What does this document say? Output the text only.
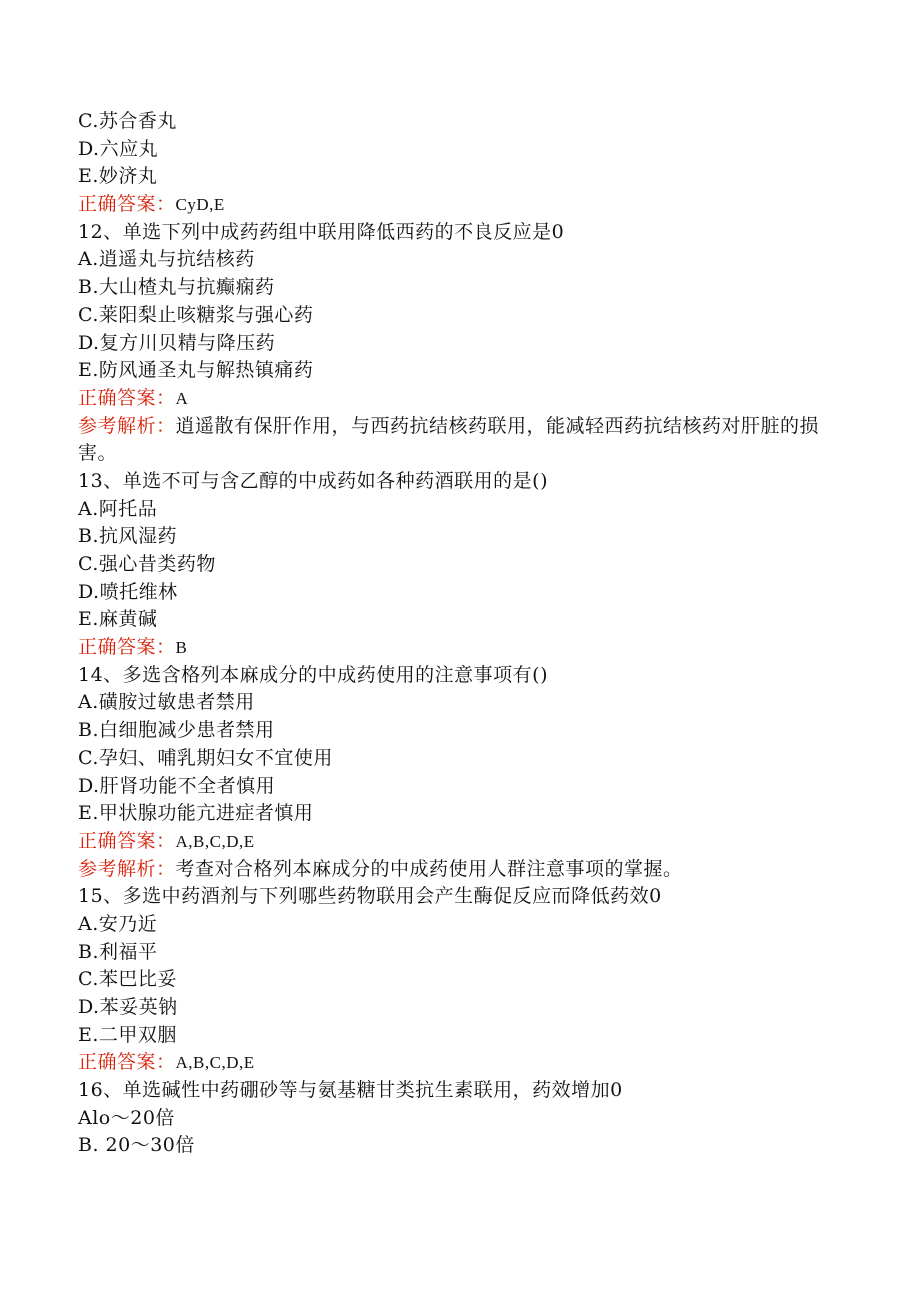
C.苏合香丸
D.六应丸
E.妙济丸
正确答案：CyD,E
12、单选下列中成药药组中联用降低西药的不良反应是0
A.逍遥丸与抗结核药
B.大山楂丸与抗癫痫药
C.莱阳梨止咳糖浆与强心药
D.复方川贝精与降压药
E.防风通圣丸与解热镇痛药
正确答案：A
参考解析：逍遥散有保肝作用，与西药抗结核药联用，能减轻西药抗结核药对肝脏的损害。
13、单选不可与含乙醇的中成药如各种药酒联用的是()
A.阿托品
B.抗风湿药
C.强心昔类药物
D.喷托维林
E.麻黄碱
正确答案：B
14、多选含格列本麻成分的中成药使用的注意事项有()
A.磺胺过敏患者禁用
B.白细胞减少患者禁用
C.孕妇、哺乳期妇女不宜使用
D.肝肾功能不全者慎用
E.甲状腺功能亢进症者慎用
正确答案：A,B,C,D,E
参考解析：考查对合格列本麻成分的中成药使用人群注意事项的掌握。
15、多选中药酒剂与下列哪些药物联用会产生酶促反应而降低药效0
A.安乃近
B.利福平
C.苯巴比妥
D.苯妥英钠
E.二甲双胭
正确答案：A,B,C,D,E
16、单选碱性中药硼砂等与氨基糖甘类抗生素联用，药效增加0
Alo～20倍
B. 20～30倍
